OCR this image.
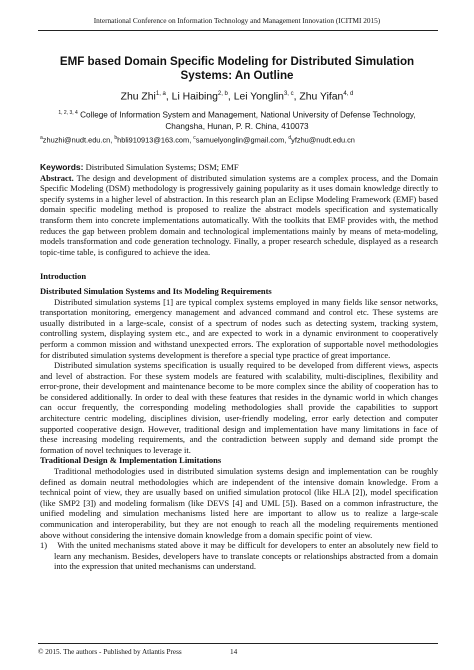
International Conference on Information Technology and Management Innovation (ICITMI 2015)
EMF based Domain Specific Modeling for Distributed Simulation
Systems: An Outline
Zhu Zhi$^{1, a}$, Li Haibing$^{2, b}$, Lei Yonglin$^{3, c}$, Zhu Yifan$^{4, d}$
$^{1, 2, 3, 4}$ College of Information System and Management, National University of Defense Technology,
Changsha, Hunan, P. R. China, 410073
$^a$zhuzhi@nudt.edu.cn, $^b$hbli910913@163.com, $^c$samuelyonglin@gmail.com, $^d$yfzhu@nudt.edu.cn

Keywords: Distributed Simulation Systems; DSM; EMF

Abstract. The design and development of distributed simulation systems are a complex process, and the Domain Specific Modeling (DSM) methodology is progressively gaining popularity as it uses domain knowledge directly to specify systems in a higher level of abstraction. In this research plan an Eclipse Modeling Framework (EMF) based domain specific modeling method is proposed to realize the abstract models specification and systematically transform them into concrete implementations automatically. With the toolkits that EMF provides with, the method reduces the gap between problem domain and technological implementations mainly by means of meta-modeling, models transformation and code generation technology. Finally, a proper research schedule, displayed as a research topic-time table, is configured to achieve the idea.

Introduction

Distributed Simulation Systems and Its Modeling Requirements

Distributed simulation systems [1] are typical complex systems employed in many fields like sensor networks, transportation monitoring, emergency management and advanced command and control etc. These systems are usually distributed in a large-scale, consist of a spectrum of nodes such as detecting system, tracking system, controlling system, displaying system etc., and are expected to work in a dynamic environment to cooperatively perform a common mission and withstand unexpected errors. The exploration of supportable novel methodologies for distributed simulation systems development is therefore a special type practice of great importance.

Distributed simulation systems specification is usually required to be developed from different views, aspects and level of abstraction. For these system models are featured with scalability, multi-disciplines, flexibility and error-prone, their development and maintenance become to be more complex since the ability of cooperation has to be considered additionally. In order to deal with these features that resides in the dynamic world in which changes can occur frequently, the corresponding modeling methodologies shall provide the capabilities to support architecture centric modeling, disciplines division, user-friendly modeling, error early detection and computer supported cooperative design. However, traditional design and implementation have many limitations in face of these increasing modeling requirements, and the contradiction between supply and demand side prompt the formation of novel techniques to leverage it.

Traditional Design & Implementation Limitations

Traditional methodologies used in distributed simulation systems design and implementation can be roughly defined as domain neutral methodologies which are independent of the intensive domain knowledge. From a technical point of view, they are usually based on unified simulation protocol (like HLA [2]), model specification (like SMP2 [3]) and modeling formalism (like DEVS [4] and UML [5]). Based on a common infrastructure, the unified modeling and simulation mechanisms listed here are important to allow us to realize a large-scale communication and interoperability, but they are not enough to reach all the modeling requirements mentioned above without considering the intensive domain knowledge from a domain specific point of view.

1) With the united mechanisms stated above it may be difficult for developers to enter an absolutely new field to learn any mechanism. Besides, developers have to translate concepts or relationships abstracted from a domain into the expression that united mechanisms can understand.

© 2015. The authors - Published by Atlantis Press	14
